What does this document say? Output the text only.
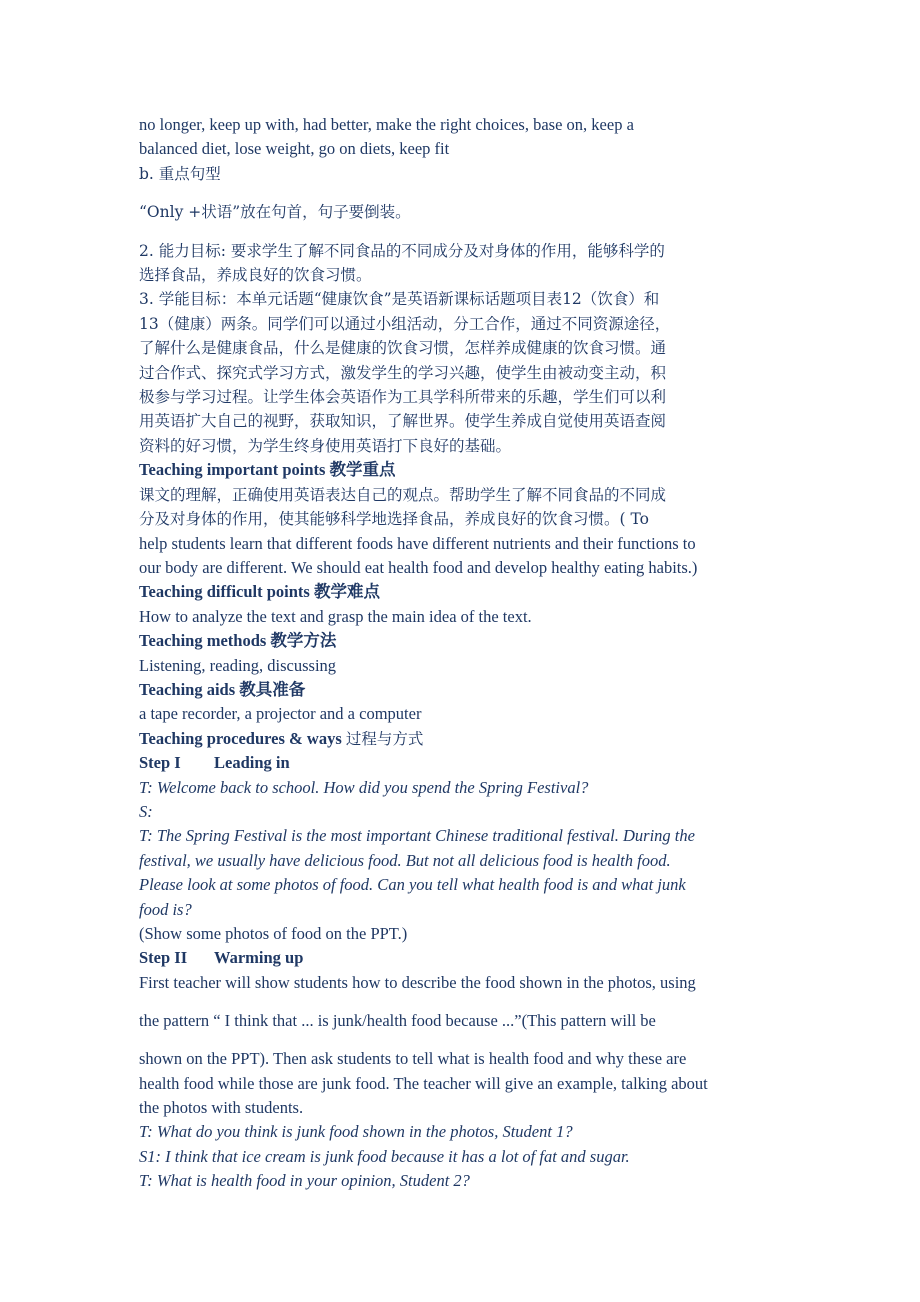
no longer, keep up with, had better, make the right choices, base on, keep a

balanced diet, lose weight, go on diets, keep fit

b. 重点句型

“Only +状语”放在句首，句子要倒装。

2. 能力目标: 要求学生了解不同食品的不同成分及对身体的作用，能够科学的

选择食品，养成良好的饮食习惯。

3. 学能目标：本单元话题“健康饮食”是英语新课标话题项目表12（饮食）和

13（健康）两条。同学们可以通过小组活动，分工合作，通过不同资源途径，

了解什么是健康食品，什么是健康的饮食习惯，怎样养成健康的饮食习惯。通

过合作式、探究式学习方式，激发学生的学习兴趣，使学生由被动变主动，积

极参与学习过程。让学生体会英语作为工具学科所带来的乐趣，学生们可以利

用英语扩大自己的视野，获取知识，了解世界。使学生养成自觉使用英语查阅

资料的好习惯，为学生终身使用英语打下良好的基础。

Teaching important points 教学重点

课文的理解，正确使用英语表达自己的观点。帮助学生了解不同食品的不同成

分及对身体的作用，使其能够科学地选择食品，养成良好的饮食习惯。( To

help students learn that different foods have different nutrients and their functions to

our body are different. We should eat health food and develop healthy eating habits.)

Teaching difficult points 教学难点

How to analyze the text and grasp the main idea of the text.

Teaching methods 教学方法

Listening, reading, discussing

Teaching aids 教具准备

a tape recorder, a projector and a computer

Teaching procedures & ways 过程与方式

Step I Leading in

T: Welcome back to school. How did you spend the Spring Festival?

S:

T: The Spring Festival is the most important Chinese traditional festival. During the

festival, we usually have delicious food. But not all delicious food is health food.

Please look at some photos of food. Can you tell what health food is and what junk

food is?

(Show some photos of food on the PPT.)

Step II Warming up

First teacher will show students how to describe the food shown in the photos, using

the pattern “ I think that ... is junk/health food because ...”(This pattern will be

shown on the PPT). Then ask students to tell what is health food and why these are

health food while those are junk food. The teacher will give an example, talking about

the photos with students.

T: What do you think is junk food shown in the photos, Student 1?

S1: I think that ice cream is junk food because it has a lot of fat and sugar.

T: What is health food in your opinion, Student 2?
